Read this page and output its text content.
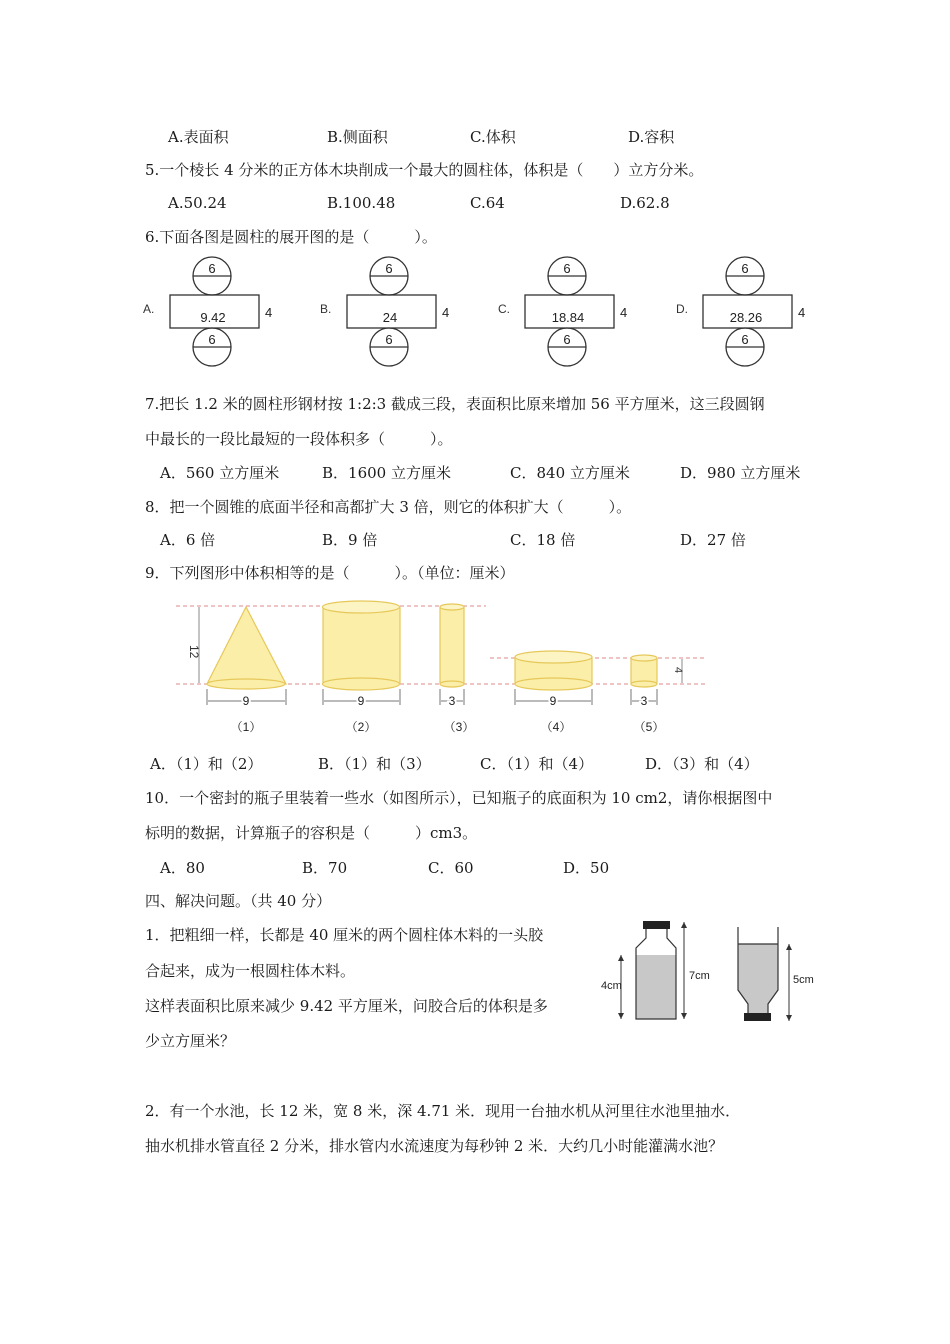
A.表面积	B.侧面积	C.体积	D.容积
5.一个棱长 4 分米的正方体木块削成一个最大的圆柱体，体积是（　　）立方分米。
A.50.24	B.100.48	C.64	D.62.8
6.下面各图是圆柱的展开图的是（　　　）。
A.
6
9.42	4
6
B.
6
24	4
6
C.
6
18.84	4
6
D.
6
28.26	4
6
7.把长 1.2 米的圆柱形钢材按 1:2:3 截成三段，表面积比原来增加 56 平方厘米，这三段圆钢
中最长的一段比最短的一段体积多（　　　）。
A．560 立方厘米	B．1600 立方厘米	C．840 立方厘米	D．980 立方厘米
8．把一个圆锥的底面半径和高都扩大 3 倍，则它的体积扩大（　　　）。
A．6 倍	B．9 倍	C．18 倍	D．27 倍
9．下列图形中体积相等的是（　　　）。（单位：厘米）
12
4
9	9	3	9	3
（1）	（2）	（3）	（4）	（5）
A．（1）和（2）	B．（1）和（3）	C．（1）和（4）	D．（3）和（4）
10．一个密封的瓶子里装着一些水（如图所示），已知瓶子的底面积为 10 cm2，请你根据图中
标明的数据，计算瓶子的容积是（　　　）cm3。
A．80	B．70	C．60	D．50
四、解决问题。（共 40 分）
1．把粗细一样，长都是 40 厘米的两个圆柱体木料的一头胶
合起来，成为一根圆柱体木料。
这样表面积比原来减少 9.42 平方厘米，问胶合后的体积是多
少立方厘米？
4cm
7cm	5cm
2．有一个水池，长 12 米，宽 8 米，深 4.71 米．现用一台抽水机从河里往水池里抽水．
抽水机排水管直径 2 分米，排水管内水流速度为每秒钟 2 米．大约几小时能灌满水池？
